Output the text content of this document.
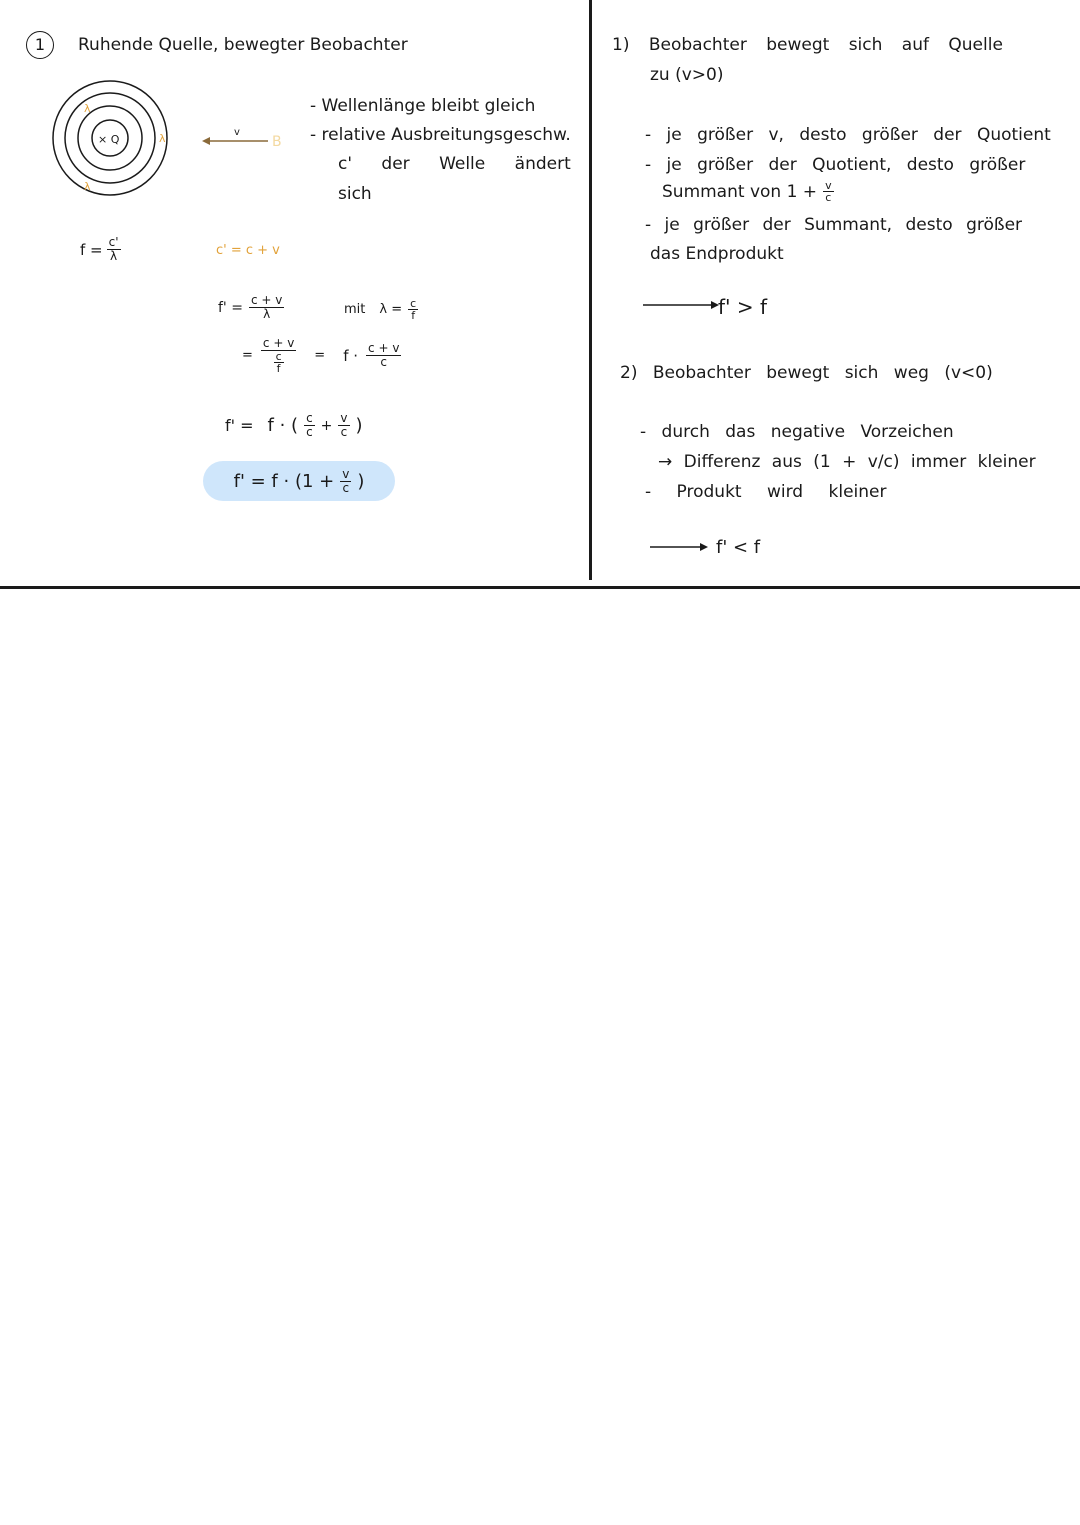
1	Ruhende Quelle, bewegter Beobachter
× Q
λ
λ
λ
v
B
- Wellenlänge bleibt gleich
- relative Ausbreitungsgeschw.
c' der Welle ändert
sich
$f = \frac{c'}{\lambda}$	c' = c + v
$f' = \frac{c + v}{\lambda}$	mit $\lambda = \frac{c}{f}$
= $\frac{c + v}{\frac{c}{f}} = f \cdot \frac{c + v}{c}$
f' = f · ( $\frac{c}{c} + \frac{v}{c}$ )
$f' = f \cdot (1 + \frac{v}{c}$ )
1) Beobachter bewegt sich auf Quelle
zu (v>0)
- je größer v, desto größer der Quotient
- je größer der Quotient, desto größer
Summant von $1 + \frac{v}{c}$
- je größer der Summant, desto größer
das Endprodukt
f' > f
2) Beobachter bewegt sich weg (v<0)
- durch das negative Vorzeichen
→ Differenz aus (1 + v/c) immer kleiner
- Produkt wird kleiner
f' < f
